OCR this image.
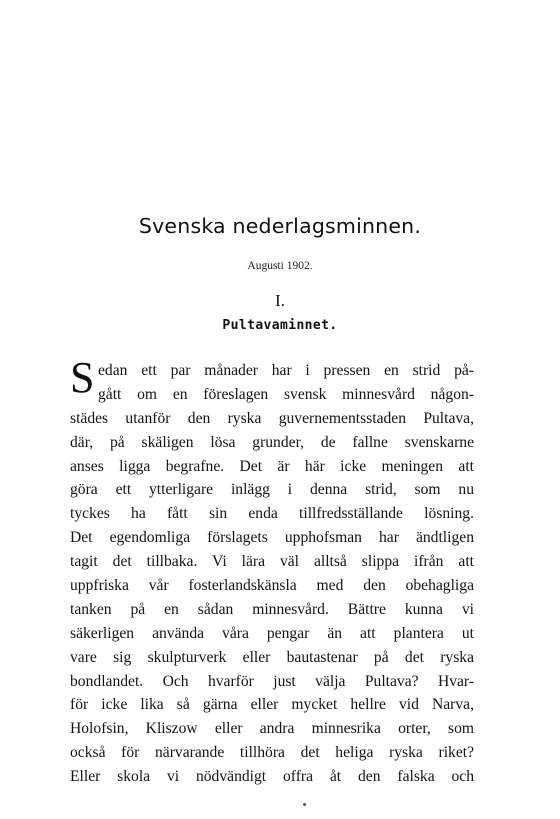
Svenska nederlagsminnen.
Augusti 1902.
I.
Pultavaminnet.
S edan ett par månader har i pressen en strid på-
gått om en föreslagen svensk minnesvård någon-
städes utanför den ryska guvernementsstaden Pultava,
där, på skäligen lösa grunder, de fallne svenskarne
anses ligga begrafne. Det är här icke meningen att
göra ett ytterligare inlägg i denna strid, som nu
tyckes ha fått sin enda tillfredsställande lösning.
Det egendomliga förslagets upphofsman har ändtligen
tagit det tillbaka. Vi lära väl alltså slippa ifrån att
uppfriska vår fosterlandskänsla med den obehagliga
tanken på en sådan minnesvård. Bättre kunna vi
säkerligen använda våra pengar än att plantera ut
vare sig skulpturverk eller bautastenar på det ryska
bondlandet. Och hvarför just välja Pultava? Hvar-
för icke lika så gärna eller mycket hellre vid Narva,
Holofsin, Kliszow eller andra minnesrika orter, som
också för närvarande tillhöra det heliga ryska riket?
Eller skola vi nödvändigt offra åt den falska och
